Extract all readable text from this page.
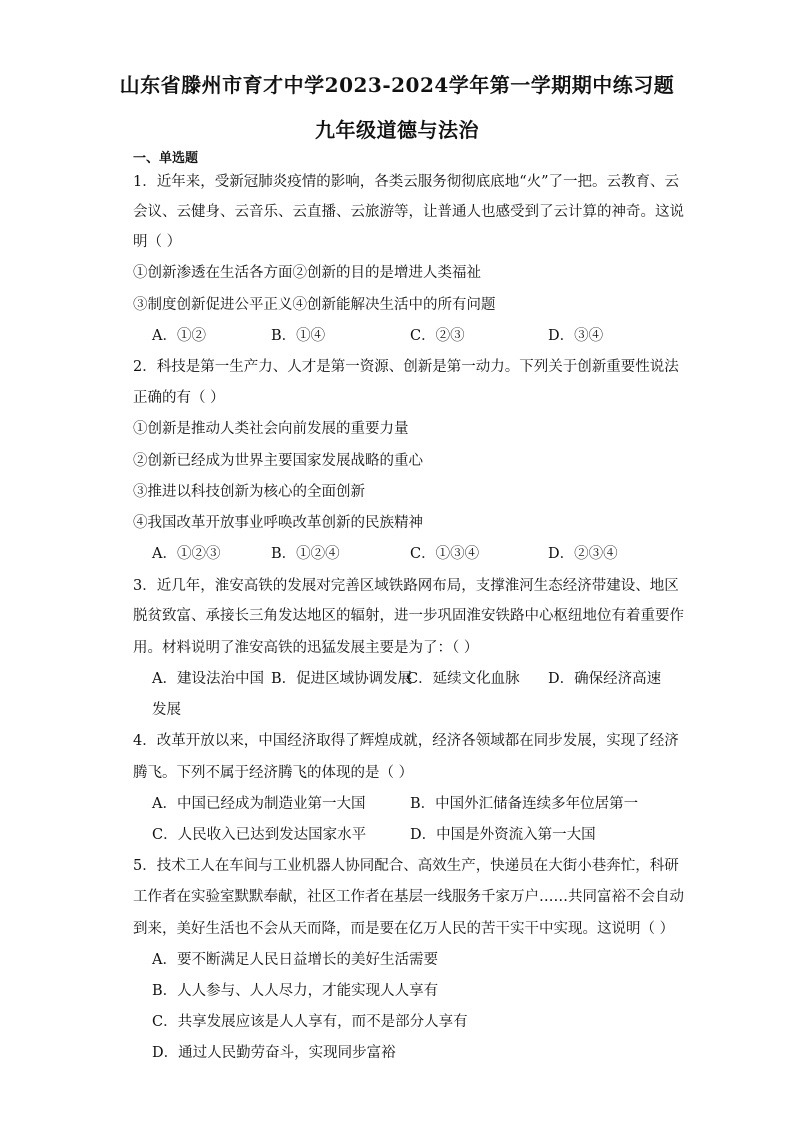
山东省滕州市育才中学2023-2024学年第一学期期中练习题
九年级道德与法治
一、单选题
1．近年来，受新冠肺炎疫情的影响，各类云服务彻彻底底地“火”了一把。云教育、云
会议、云健身、云音乐、云直播、云旅游等，让普通人也感受到了云计算的神奇。这说
明（ ）
①创新渗透在生活各方面②创新的目的是增进人类福祉
③制度创新促进公平正义④创新能解决生活中的所有问题
A．①②	B．①④	C．②③	D．③④
2．科技是第一生产力、人才是第一资源、创新是第一动力。下列关于创新重要性说法
正确的有（ ）
①创新是推动人类社会向前发展的重要力量
②创新已经成为世界主要国家发展战略的重心
③推进以科技创新为核心的全面创新
④我国改革开放事业呼唤改革创新的民族精神
A．①②③	B．①②④	C．①③④	D．②③④
3．近几年，淮安高铁的发展对完善区域铁路网布局，支撑淮河生态经济带建设、地区
脱贫致富、承接长三角发达地区的辐射，进一步巩固淮安铁路中心枢纽地位有着重要作
用。材料说明了淮安高铁的迅猛发展主要是为了：（ ）
A．建设法治中国 B．促进区域协调发展
C．延续文化血脉 D．确保经济高速
发展
4．改革开放以来，中国经济取得了辉煌成就，经济各领域都在同步发展，实现了经济
腾飞。下列不属于经济腾飞的体现的是（ ）
A．中国已经成为制造业第一大国	B．中国外汇储备连续多年位居第一
C．人民收入已达到发达国家水平	D．中国是外资流入第一大国
5．技术工人在车间与工业机器人协同配合、高效生产，快递员在大街小巷奔忙，科研
工作者在实验室默默奉献，社区工作者在基层一线服务千家万户……共同富裕不会自动
到来，美好生活也不会从天而降，而是要在亿万人民的苦干实干中实现。这说明（ ）
A．要不断满足人民日益增长的美好生活需要
B．人人参与、人人尽力，才能实现人人享有
C．共享发展应该是人人享有，而不是部分人享有
D．通过人民勤劳奋斗，实现同步富裕
